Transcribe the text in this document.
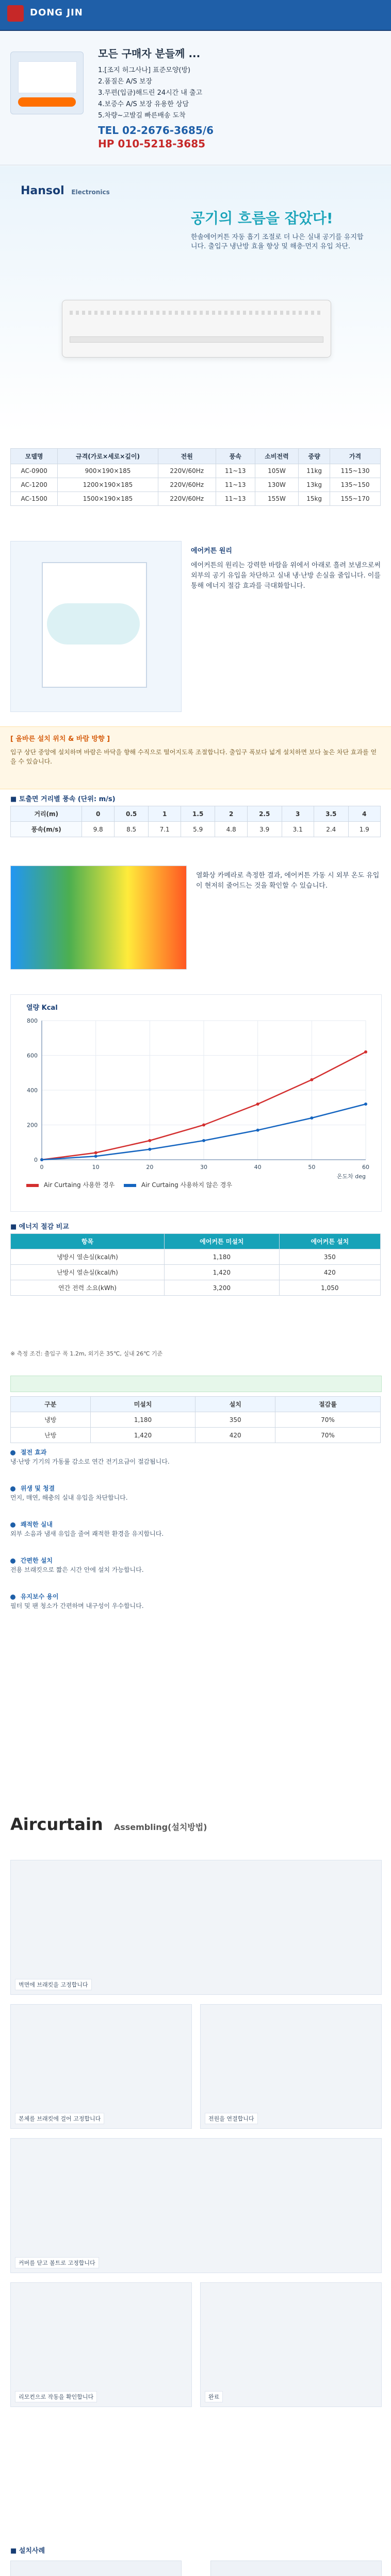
DONG JIN
모든 구매자 분들께 ...
1.[조지 허그사나] 표준모양(방)
2.품질은 A/S 보장
3.무편(입금)해드린 24시간 내 출고
4.보증수 A/S 보장 유용한 상담
5.차량~고발길 빠른배송 도착
TEL 02-2676-3685/6
HP 010-5218-3685
Hansol Electronics
공기의 흐름을 잡았다!
한솔에어커튼 자동 흡기 조절로 더 나은 실내 공기를 유지합니다. 출입구 냉난방 효율 향상 및 해충·먼지 유입 차단.
모델명	규격(가로×세로×깊이)	전원	풍속	소비전력	중량	가격
AC-0900	900×190×185	220V/60Hz	11~13	105W	11kg	115~130
AC-1200	1200×190×185	220V/60Hz	11~13	130W	13kg	135~150
AC-1500	1500×190×185	220V/60Hz	11~13	155W	15kg	155~170
에어커튼 원리
에어커튼의 원리는 강력한 바람을 위에서 아래로 흘려 보냄으로써 외부의 공기 유입을 차단하고 실내 냉·난방 손실을 줄입니다. 이를 통해 에너지 절감 효과를 극대화합니다.
[ 올바른 설치 위치 & 바람 방향 ]
입구 상단 중앙에 설치하며 바람은 바닥을 향해 수직으로 떨어지도록 조절합니다. 출입구 폭보다 넓게 설치하면 보다 높은 차단 효과를 얻을 수 있습니다.
■ 토출면 거리별 풍속 (단위: m/s)
거리(m)	0	0.5	1	1.5	2	2.5	3	3.5	4
풍속(m/s)	9.8	8.5	7.1	5.9	4.8	3.9	3.1	2.4	1.9
열화상 카메라로 측정한 결과, 에어커튼 가동 시 외부 온도 유입이 현저히 줄어드는 것을 확인할 수 있습니다.
열량 Kcal
0	10	20	30	40	50	60
0
200
400
600
800
온도차 deg
Air Curtaing 사용한 경우	Air Curtaing 사용하지 않은 경우
■ 에너지 절감 비교
항목	에어커튼 미설치	에어커튼 설치
냉방시 열손실(kcal/h)	1,180	350
난방시 열손실(kcal/h)	1,420	420
연간 전력 소요(kWh)	3,200	1,050
※ 측정 조건: 출입구 폭 1.2m, 외기온 35℃, 실내 26℃ 기준
구분	미설치	설치	절감률
냉방	1,180	350	70%
난방	1,420	420	70%
절전 효과
냉·난방 기기의 가동률 감소로 연간 전기요금이 절감됩니다.
위생 및 청결
먼지, 매연, 해충의 실내 유입을 차단합니다.
쾌적한 실내
외부 소음과 냄새 유입을 줄여 쾌적한 환경을 유지합니다.
간편한 설치
전용 브래킷으로 짧은 시간 안에 설치 가능합니다.
유지보수 용이
필터 및 팬 청소가 간편하며 내구성이 우수합니다.
Aircurtain Assembling(설치방법)
벽면에 브래킷을 고정합니다
본체를 브래킷에 걸어 고정합니다	전원을 연결합니다
커버를 닫고 볼트로 고정합니다
리모컨으로 작동을 확인합니다	완료
■ 설치사례
